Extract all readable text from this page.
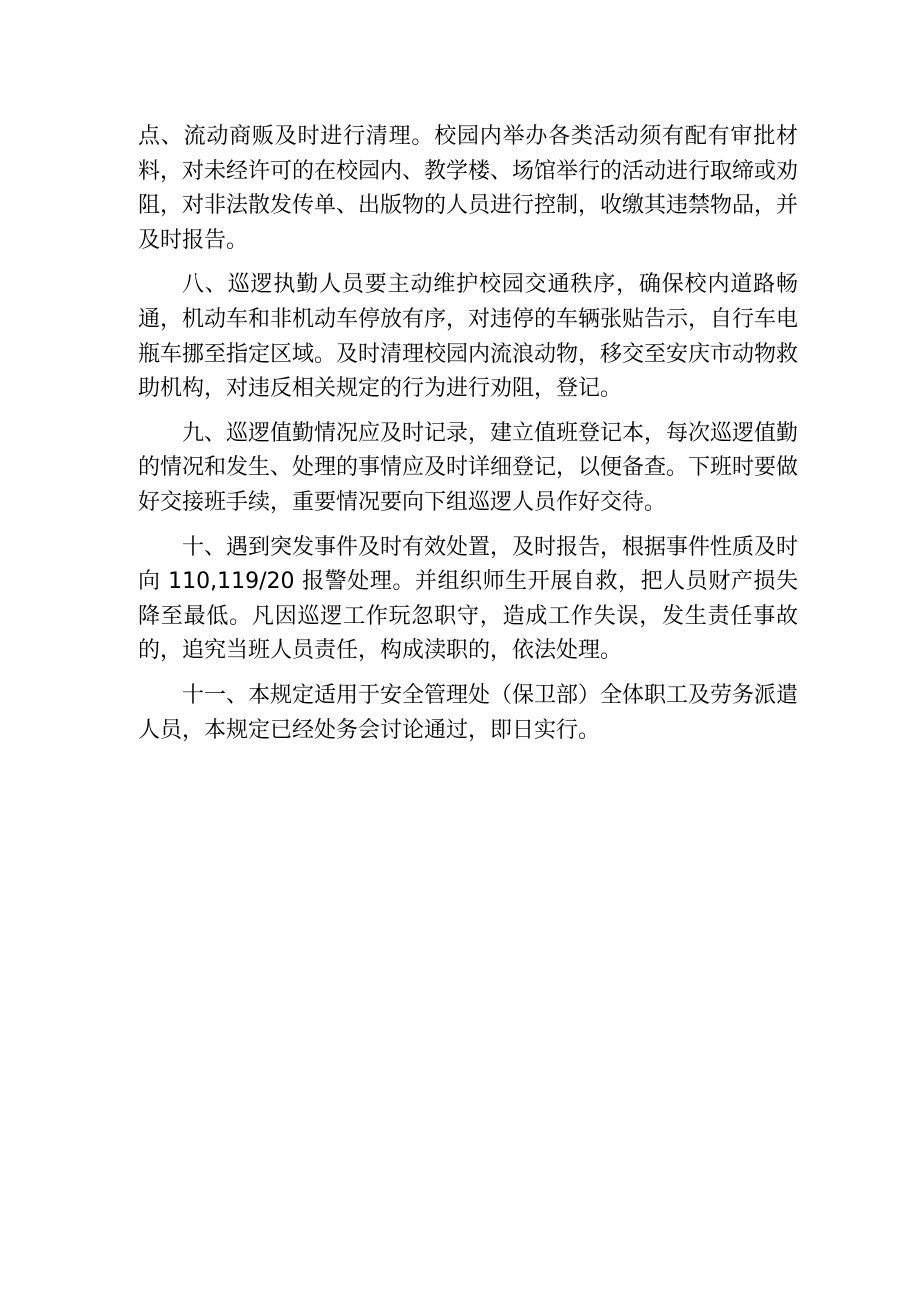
点、流动商贩及时进行清理。校园内举办各类活动须有配有审批材料，对未经许可的在校园内、教学楼、场馆举行的活动进行取缔或劝阻，对非法散发传单、出版物的人员进行控制，收缴其违禁物品，并及时报告。

八、巡逻执勤人员要主动维护校园交通秩序，确保校内道路畅通，机动车和非机动车停放有序，对违停的车辆张贴告示，自行车电瓶车挪至指定区域。及时清理校园内流浪动物，移交至安庆市动物救助机构，对违反相关规定的行为进行劝阻，登记。

九、巡逻值勤情况应及时记录，建立值班登记本，每次巡逻值勤的情况和发生、处理的事情应及时详细登记，以便备查。下班时要做好交接班手续，重要情况要向下组巡逻人员作好交待。

十、遇到突发事件及时有效处置，及时报告，根据事件性质及时向 110,119/20 报警处理。并组织师生开展自救，把人员财产损失降至最低。凡因巡逻工作玩忽职守，造成工作失误，发生责任事故的，追究当班人员责任，构成渎职的，依法处理。

十一、本规定适用于安全管理处（保卫部）全体职工及劳务派遣人员，本规定已经处务会讨论通过，即日实行。
